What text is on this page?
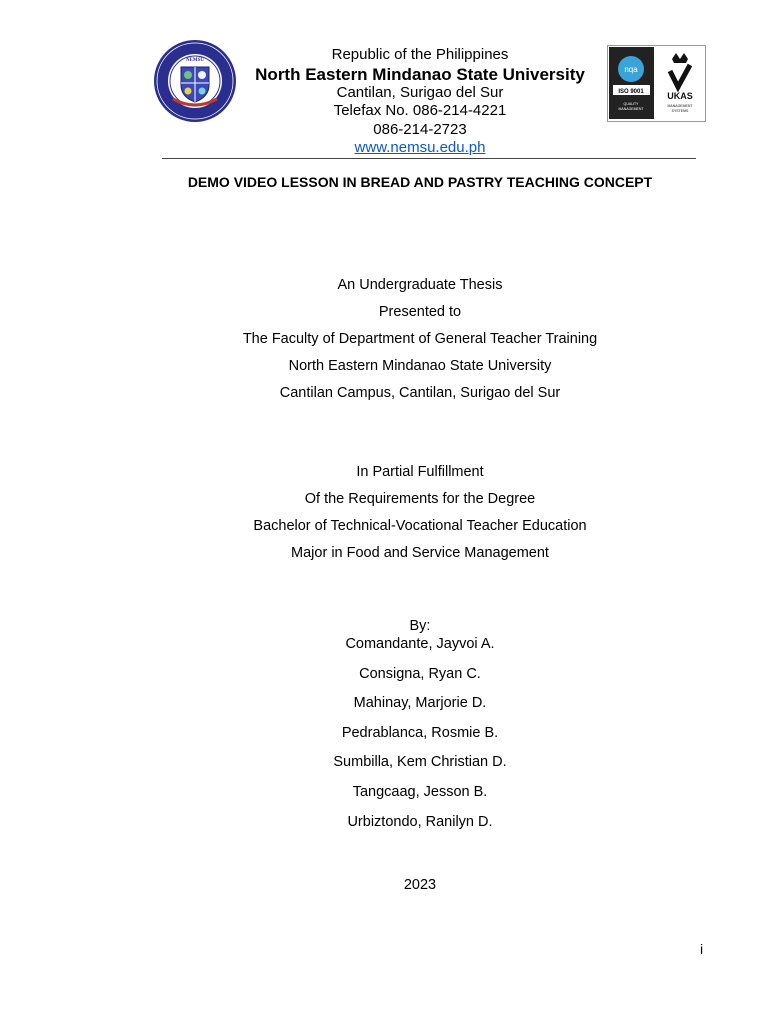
NEMSU	Republic of the Philippines
North Eastern Mindanao State University
Cantilan, Surigao del Sur
Telefax No. 086-214-4221
086-214-2723
www.nemsu.edu.ph
nqa
ISO 9001
QUALITY
MANAGEMENT
UKAS
MANAGEMENT
SYSTEMS
DEMO VIDEO LESSON IN BREAD AND PASTRY TEACHING CONCEPT
An Undergraduate Thesis
Presented to
The Faculty of Department of General Teacher Training
North Eastern Mindanao State University
Cantilan Campus, Cantilan, Surigao del Sur
In Partial Fulfillment
Of the Requirements for the Degree
Bachelor of Technical-Vocational Teacher Education
Major in Food and Service Management
By:
Comandante, Jayvoi A.
Consigna, Ryan C.
Mahinay, Marjorie D.
Pedrablanca, Rosmie B.
Sumbilla, Kem Christian D.
Tangcaag, Jesson B.
Urbiztondo, Ranilyn D.
2023
i
